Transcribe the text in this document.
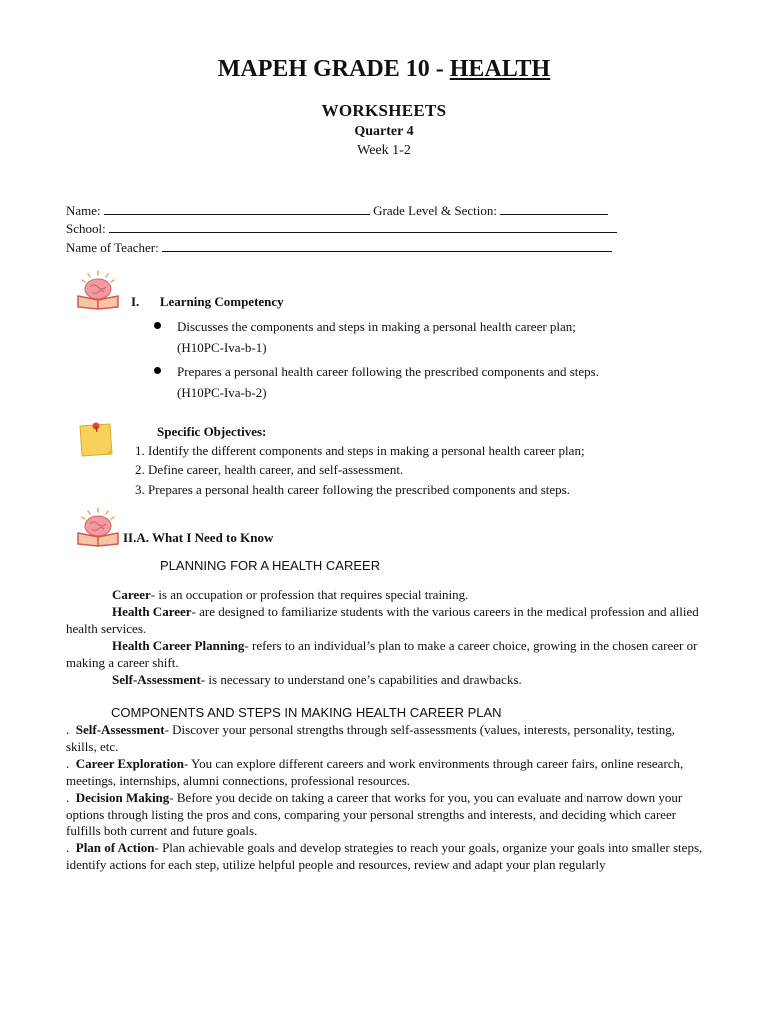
MAPEH GRADE 10 - HEALTH
WORKSHEETS
Quarter 4
Week 1-2
Name:	Grade Level & Section:
School:
Name of Teacher:
I. Learning Competency
Discusses the components and steps in making a personal health career plan;
(H10PC-Iva-b-1)
Prepares a personal health career following the prescribed components and steps.
(H10PC-Iva-b-2)
Specific Objectives:
1. Identify the different components and steps in making a personal health career plan;
2. Define career, health career, and self-assessment.
3. Prepares a personal health career following the prescribed components and steps.
II.A. What I Need to Know
PLANNING FOR A HEALTH CAREER
Career- is an occupation or profession that requires special training.
Health Career- are designed to familiarize students with the various careers in the medical profession and allied health services.
Health Career Planning- refers to an individual’s plan to make a career choice, growing in the chosen career or making a career shift.
Self-Assessment- is necessary to understand one’s capabilities and drawbacks.
COMPONENTS AND STEPS IN MAKING HEALTH CAREER PLAN
. Self-Assessment- Discover your personal strengths through self-assessments (values, interests, personality, testing, skills, etc.
. Career Exploration- You can explore different careers and work environments through career fairs, online research, meetings, internships, alumni connections, professional resources.
. Decision Making- Before you decide on taking a career that works for you, you can evaluate and narrow down your options through listing the pros and cons, comparing your personal strengths and interests, and deciding which career fulfills both current and future goals.
. Plan of Action- Plan achievable goals and develop strategies to reach your goals, organize your goals into smaller steps, identify actions for each step, utilize helpful people and resources, review and adapt your plan regularly
